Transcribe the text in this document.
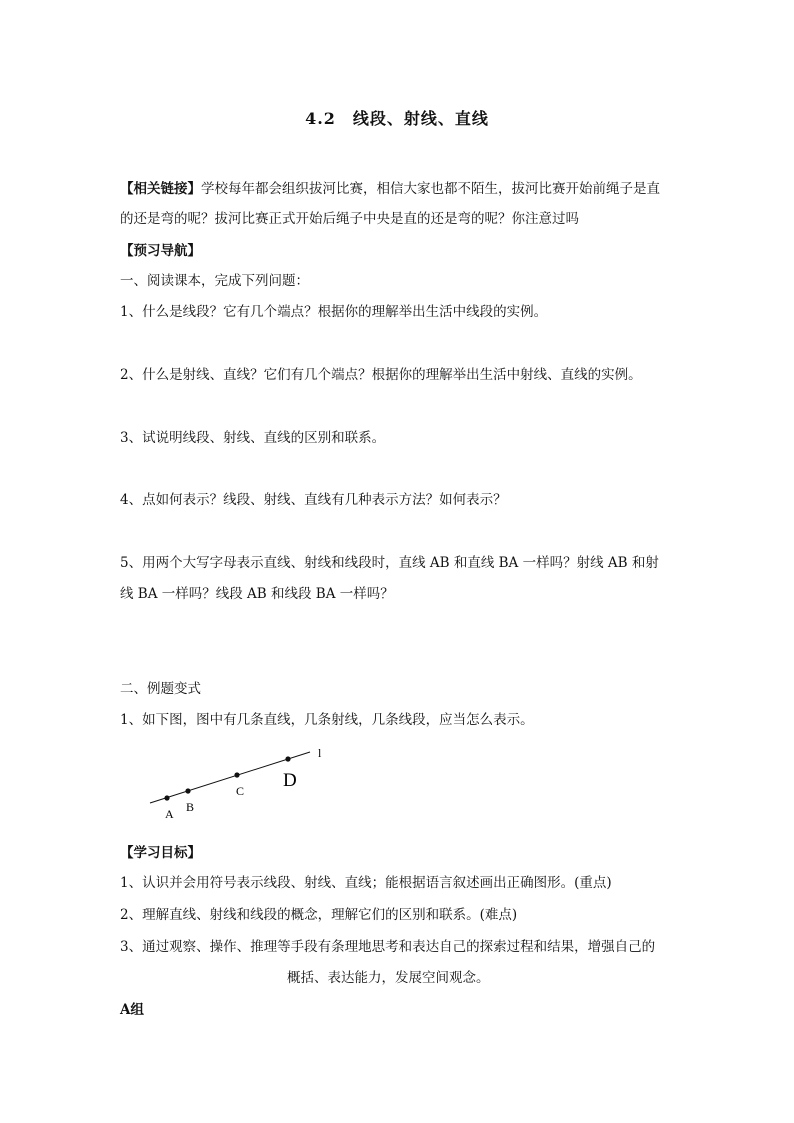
4.2　线段、射线、直线
【相关链接】学校每年都会组织拔河比赛，相信大家也都不陌生，拔河比赛开始前绳子是直
的还是弯的呢？拔河比赛正式开始后绳子中央是直的还是弯的呢？你注意过吗
【预习导航】
一、阅读课本，完成下列问题：
1、什么是线段？它有几个端点？根据你的理解举出生活中线段的实例。
2、什么是射线、直线？它们有几个端点？根据你的理解举出生活中射线、直线的实例。
3、试说明线段、射线、直线的区别和联系。
4、点如何表示？线段、射线、直线有几种表示方法？如何表示？
5、用两个大写字母表示直线、射线和线段时，直线 AB 和直线 BA 一样吗？射线 AB 和射
线 BA 一样吗？线段 AB 和线段 BA 一样吗？
二、例题变式
1、如下图，图中有几条直线，几条射线，几条线段，应当怎么表示。
A B
C D
l
【学习目标】
1、认识并会用符号表示线段、射线、直线；能根据语言叙述画出正确图形。(重点)
2、理解直线、射线和线段的概念，理解它们的区别和联系。(难点)
3、通过观察、操作、推理等手段有条理地思考和表达自己的探索过程和结果，增强自己的
概括、表达能力，发展空间观念。
A组
